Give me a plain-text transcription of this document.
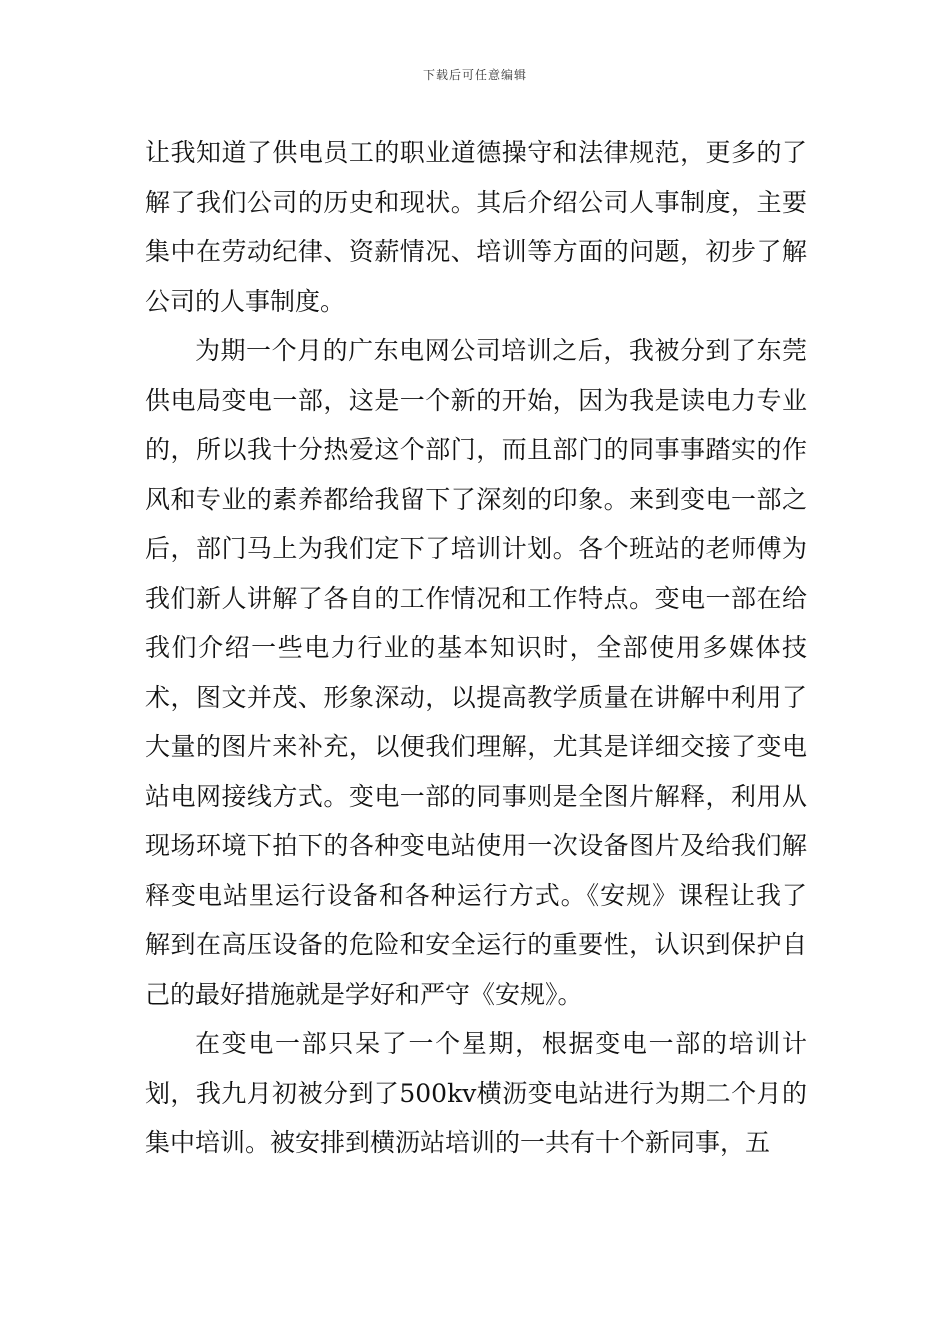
下载后可任意编辑

让我知道了供电员工的职业道德操守和法律规范，更多的了解了我们公司的历史和现状。其后介绍公司人事制度，主要集中在劳动纪律、资薪情况、培训等方面的问题，初步了解公司的人事制度。

为期一个月的广东电网公司培训之后，我被分到了东莞供电局变电一部，这是一个新的开始，因为我是读电力专业的，所以我十分热爱这个部门，而且部门的同事事踏实的作风和专业的素养都给我留下了深刻的印象。来到变电一部之后，部门马上为我们定下了培训计划。各个班站的老师傅为我们新人讲解了各自的工作情况和工作特点。变电一部在给我们介绍一些电力行业的基本知识时，全部使用多媒体技术，图文并茂、形象深动，以提高教学质量在讲解中利用了大量的图片来补充，以便我们理解，尤其是详细交接了变电站电网接线方式。变电一部的同事则是全图片解释，利用从现场环境下拍下的各种变电站使用一次设备图片及给我们解释变电站里运行设备和各种运行方式。《安规》课程让我了解到在高压设备的危险和安全运行的重要性，认识到保护自己的最好措施就是学好和严守《安规》。

在变电一部只呆了一个星期，根据变电一部的培训计划，我九月初被分到了500kv横沥变电站进行为期二个月的集中培训。被安排到横沥站培训的一共有十个新同事，五
